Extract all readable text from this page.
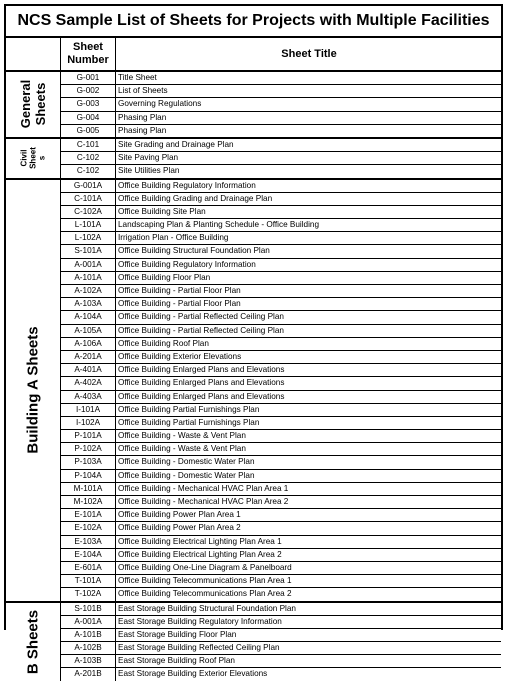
NCS Sample List of Sheets for Projects with Multiple Facilities
Sheet
Number	Sheet Title
General Sheets
G-001	Title Sheet
G-002	List of Sheets
G-003	Governing Regulations
G-004	Phasing Plan
G-005	Phasing Plan
Civil Sheet s
C-101	Site Grading and Drainage Plan
C-102	Site Paving Plan
C-102	Site Utilities Plan
Building A Sheets
G-001A	Office Building Regulatory Information
C-101A	Office Building Grading and Drainage Plan
C-102A	Office Building Site Plan
L-101A	Landscaping Plan & Planting Schedule - Office Building
L-102A	Irrigation Plan - Office Building
S-101A	Office Building Structural Foundation Plan
A-001A	Office Building Regulatory Information
A-101A	Office Building Floor Plan
A-102A	Office Building - Partial Floor Plan
A-103A	Office Building - Partial Floor Plan
A-104A	Office Building - Partial Reflected Ceiling Plan
A-105A	Office Building - Partial Reflected Ceiling Plan
A-106A	Office Building Roof Plan
A-201A	Office Building Exterior Elevations
A-401A	Office Building Enlarged Plans and Elevations
A-402A	Office Building Enlarged Plans and Elevations
A-403A	Office Building Enlarged Plans and Elevations
I-101A	Office Building Partial Furnishings Plan
I-102A	Office Building Partial Furnishings Plan
P-101A	Office Building - Waste & Vent Plan
P-102A	Office Building - Waste & Vent Plan
P-103A	Office Building - Domestic Water Plan
P-104A	Office Building - Domestic Water Plan
M-101A	Office Building - Mechanical HVAC Plan Area 1
M-102A	Office Building - Mechanical HVAC Plan Area 2
E-101A	Office Building Power Plan Area 1
E-102A	Office Building Power Plan Area 2
E-103A	Office Building Electrical Lighting Plan Area 1
E-104A	Office Building Electrical Lighting Plan Area 2
E-601A	Office Building One-Line Diagram & Panelboard
T-101A	Office Building Telecommunications Plan Area 1
T-102A	Office Building Telecommunications Plan Area 2
B Sheets
S-101B	East Storage Building Structural Foundation Plan
A-001A	East Storage Building Regulatory Information
A-101B	East Storage Building Floor Plan
A-102B	East Storage Building Reflected Ceiling Plan
A-103B	East Storage Building Roof Plan
A-201B	East Storage Building Exterior Elevations
